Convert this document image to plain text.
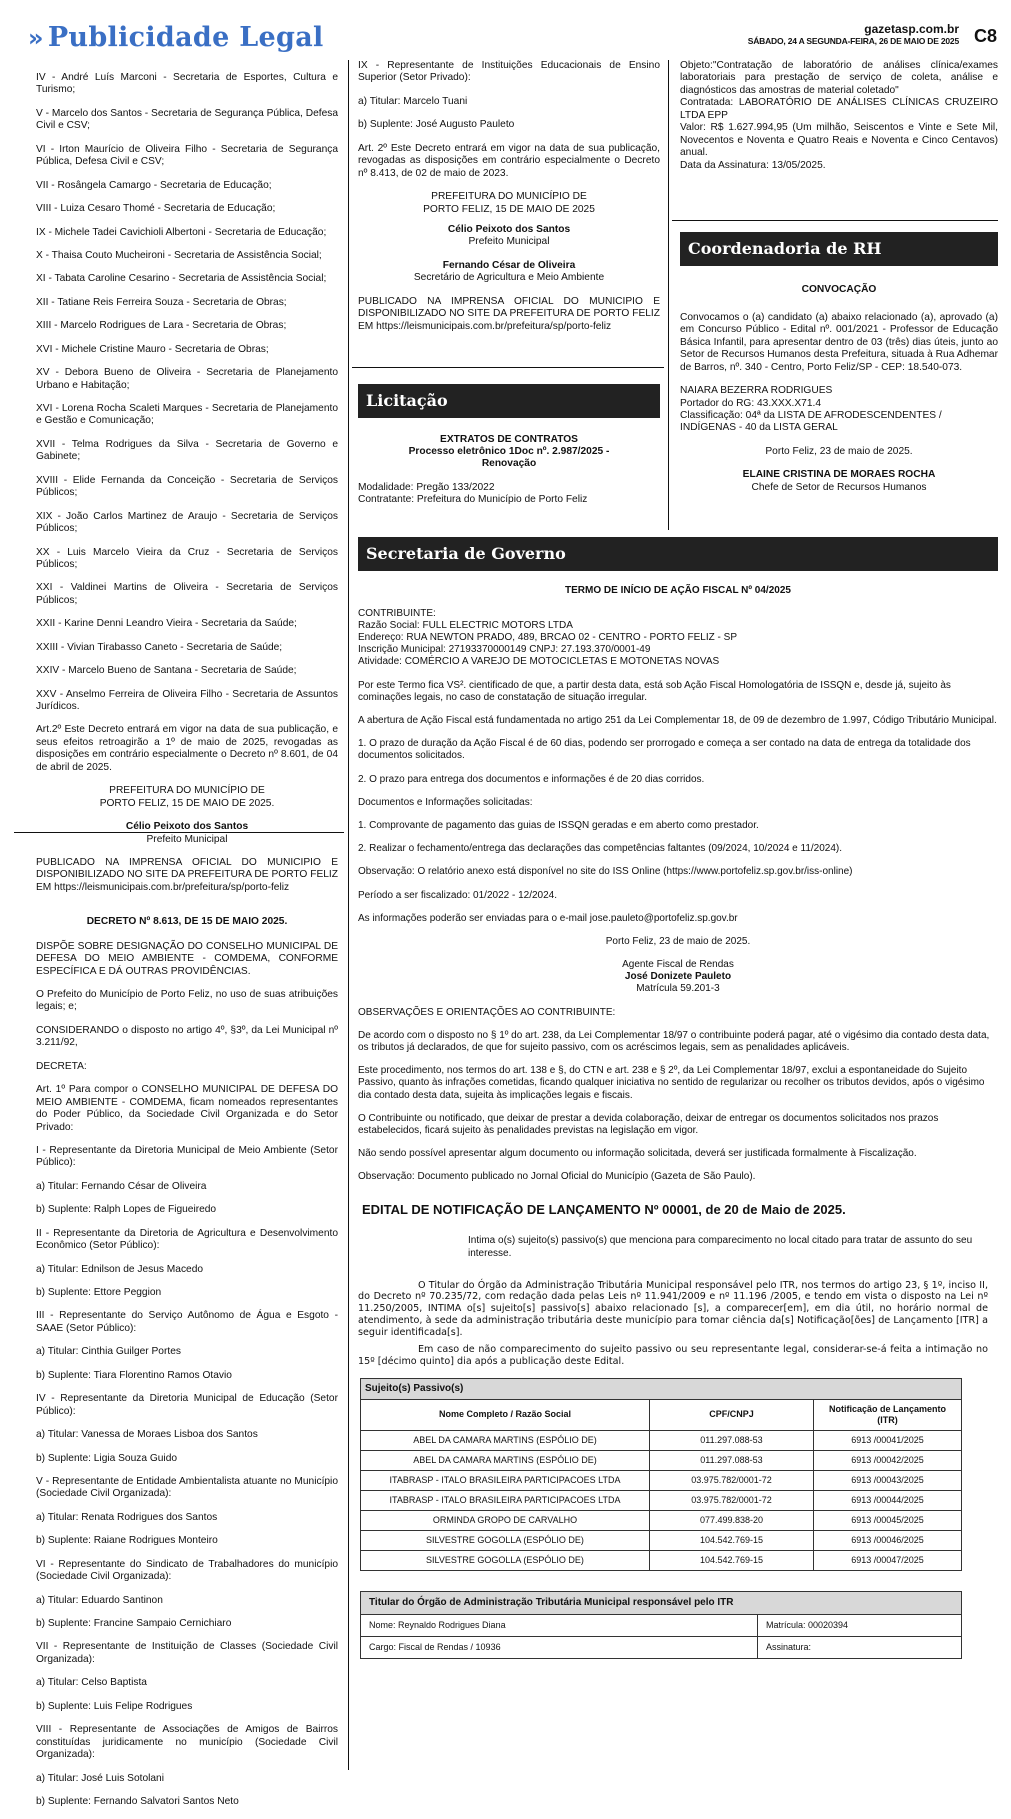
» Publicidade Legal	gazetasp.com.br
SÁBADO, 24 A SEGUNDA-FEIRA, 26 DE MAIO DE 2025 C8

IV - André Luís Marconi - Secretaria de Esportes, Cultura e Turismo;

V - Marcelo dos Santos - Secretaria de Segurança Pública, Defesa Civil e CSV;

VI - Irton Maurício de Oliveira Filho - Secretaria de Segurança Pública, Defesa Civil e CSV;

VII - Rosângela Camargo - Secretaria de Educação;

VIII - Luiza Cesaro Thomé - Secretaria de Educação;

IX - Michele Tadei Cavichioli Albertoni - Secretaria de Educação;

X - Thaisa Couto Mucheironi - Secretaria de Assistência Social;

XI - Tabata Caroline Cesarino - Secretaria de Assistência Social;

XII - Tatiane Reis Ferreira Souza - Secretaria de Obras;

XIII - Marcelo Rodrigues de Lara - Secretaria de Obras;

XVI - Michele Cristine Mauro - Secretaria de Obras;

XV - Debora Bueno de Oliveira - Secretaria de Planejamento Urbano e Habitação;

XVI - Lorena Rocha Scaleti Marques - Secretaria de Planejamento e Gestão e Comunicação;

XVII - Telma Rodrigues da Silva - Secretaria de Governo e Gabinete;

XVIII - Elide Fernanda da Conceição - Secretaria de Serviços Públicos;

XIX - João Carlos Martinez de Araujo - Secretaria de Serviços Públicos;

XX - Luis Marcelo Vieira da Cruz - Secretaria de Serviços Públicos;

XXI - Valdinei Martins de Oliveira - Secretaria de Serviços Públicos;

XXII - Karine Denni Leandro Vieira - Secretaria da Saúde;

XXIII - Vivian Tirabasso Caneto - Secretaria de Saúde;

XXIV - Marcelo Bueno de Santana - Secretaria de Saúde;

XXV - Anselmo Ferreira de Oliveira Filho - Secretaria de Assuntos Jurídicos.

Art.2º Este Decreto entrará em vigor na data de sua publicação, e seus efeitos retroagirão a 1º de maio de 2025, revogadas as disposições em contrário especialmente o Decreto nº 8.601, de 04 de abril de 2025.

PREFEITURA DO MUNICÍPIO DE
PORTO FELIZ, 15 DE MAIO DE 2025.

Célio Peixoto dos Santos

Prefeito Municipal

PUBLICADO NA IMPRENSA OFICIAL DO MUNICIPIO E DISPONIBILIZADO NO SITE DA PREFEITURA DE PORTO FELIZ EM https://leismunicipais.com.br/prefeitura/sp/porto-feliz

DECRETO Nº 8.613, DE 15 DE MAIO 2025.

DISPÕE SOBRE DESIGNAÇÃO DO CONSELHO MUNICIPAL DE DEFESA DO MEIO AMBIENTE - COMDEMA, CONFORME ESPECÍFICA E DÁ OUTRAS PROVIDÊNCIAS.

O Prefeito do Município de Porto Feliz, no uso de suas atribuições legais; e;

CONSIDERANDO o disposto no artigo 4º, §3º, da Lei Municipal nº 3.211/92,

DECRETA:

Art. 1º Para compor o CONSELHO MUNICIPAL DE DEFESA DO MEIO AMBIENTE - COMDEMA, ficam nomeados representantes do Poder Público, da Sociedade Civil Organizada e do Setor Privado:

I - Representante da Diretoria Municipal de Meio Ambiente (Setor Público):

a) Titular: Fernando César de Oliveira

b) Suplente: Ralph Lopes de Figueiredo

II - Representante da Diretoria de Agricultura e Desenvolvimento Econômico (Setor Público):

a) Titular: Ednilson de Jesus Macedo

b) Suplente: Ettore Peggion

III - Representante do Serviço Autônomo de Água e Esgoto - SAAE (Setor Público):

a) Titular: Cinthia Guilger Portes

b) Suplente: Tiara Florentino Ramos Otavio

IV - Representante da Diretoria Municipal de Educação (Setor Público):

a) Titular: Vanessa de Moraes Lisboa dos Santos

b) Suplente: Ligia Souza Guido

V - Representante de Entidade Ambientalista atuante no Município (Sociedade Civil Organizada):

a) Titular: Renata Rodrigues dos Santos

b) Suplente: Raiane Rodrigues Monteiro

VI - Representante do Sindicato de Trabalhadores do município (Sociedade Civil Organizada):

a) Titular: Eduardo Santinon

b) Suplente: Francine Sampaio Cernichiaro

VII - Representante de Instituição de Classes (Sociedade Civil Organizada):

a) Titular: Celso Baptista

b) Suplente: Luis Felipe Rodrigues

VIII - Representante de Associações de Amigos de Bairros constituídas juridicamente no município (Sociedade Civil Organizada):

a) Titular: José Luis Sotolani

b) Suplente: Fernando Salvatori Santos Neto

IX - Representante de Instituições Educacionais de Ensino Superior (Setor Privado):

a) Titular: Marcelo Tuani

b) Suplente: José Augusto Pauleto

Art. 2º Este Decreto entrará em vigor na data de sua publicação, revogadas as disposições em contrário especialmente o Decreto nº 8.413, de 02 de maio de 2023.

PREFEITURA DO MUNICÍPIO DE
PORTO FELIZ, 15 DE MAIO DE 2025

Célio Peixoto dos Santos

Prefeito Municipal

Fernando César de Oliveira

Secretário de Agricultura e Meio Ambiente

PUBLICADO NA IMPRENSA OFICIAL DO MUNICIPIO E DISPONIBILIZADO NO SITE DA PREFEITURA DE PORTO FELIZ EM https://leismunicipais.com.br/prefeitura/sp/porto-feliz

Licitação
EXTRATOS DE CONTRATOS

Processo eletrônico 1Doc nº. 2.987/2025 -
Renovação

Modalidade: Pregão 133/2022
Contratante: Prefeitura do Município de Porto Feliz
Objeto:"Contratação de laboratório de análises clínica/exames laboratoriais para prestação de serviço de coleta, análise e diagnósticos das amostras de material coletado"
Contratada: LABORATÓRIO DE ANÁLISES CLÍNICAS CRUZEIRO LTDA EPP
Valor: R$ 1.627.994,95 (Um milhão, Seiscentos e Vinte e Sete Mil, Novecentos e Noventa e Quatro Reais e Noventa e Cinco Centavos) anual.
Data da Assinatura: 13/05/2025.
Coordenadoria de RH

CONVOCAÇÃO

Convocamos o (a) candidato (a) abaixo relacionado (a), aprovado (a) em Concurso Público - Edital nº. 001/2021 - Professor de Educação Básica Infantil, para apresentar dentro de 03 (três) dias úteis, junto ao Setor de Recursos Humanos desta Prefeitura, situada à Rua Adhemar de Barros, nº. 340 - Centro, Porto Feliz/SP - CEP: 18.540-073.

NAIARA BEZERRA RODRIGUES
Portador do RG: 43.XXX.X71.4

Classificação: 04ª da LISTA DE AFRODESCENDENTES / INDÍGENAS - 40 da LISTA GERAL

Porto Feliz, 23 de maio de 2025.

ELAINE CRISTINA DE MORAES ROCHA
Chefe de Setor de Recursos Humanos
Secretaria de Governo

TERMO DE INÍCIO DE AÇÃO FISCAL Nº 04/2025

CONTRIBUINTE:
Razão Social: FULL ELECTRIC MOTORS LTDA
Endereço: RUA NEWTON PRADO, 489, BRCAO 02 - CENTRO - PORTO FELIZ - SP
Inscrição Municipal: 27193370000149 CNPJ: 27.193.370/0001-49
Atividade: COMÉRCIO A VAREJO DE MOTOCICLETAS E MOTONETAS NOVAS

Por este Termo fica VS². cientificado de que, a partir desta data, está sob Ação Fiscal Homologatória de ISSQN e, desde já, sujeito às cominações legais, no caso de constatação de situação irregular.

A abertura de Ação Fiscal está fundamentada no artigo 251 da Lei Complementar 18, de 09 de dezembro de 1.997, Código Tributário Municipal.

1. O prazo de duração da Ação Fiscal é de 60 dias, podendo ser prorrogado e começa a ser contado na data de entrega da totalidade dos documentos solicitados.

2. O prazo para entrega dos documentos e informações é de 20 dias corridos.

Documentos e Informações solicitadas:

1. Comprovante de pagamento das guias de ISSQN geradas e em aberto como prestador.

2. Realizar o fechamento/entrega das declarações das competências faltantes (09/2024, 10/2024 e 11/2024).

Observação: O relatório anexo está disponível no site do ISS Online (https://www.portofeliz.sp.gov.br/iss-online)

Período a ser fiscalizado: 01/2022 - 12/2024.

As informações poderão ser enviadas para o e-mail jose.pauleto@portofeliz.sp.gov.br

Porto Feliz, 23 de maio de 2025.

Agente Fiscal de Rendas
José Donizete Pauleto

Matrícula 59.201-3

OBSERVAÇÕES E ORIENTAÇÕES AO CONTRIBUINTE:

De acordo com o disposto no § 1º do art. 238, da Lei Complementar 18/97 o contribuinte poderá pagar, até o vigésimo dia contado desta data, os tributos já declarados, de que for sujeito passivo, com os acréscimos legais, sem as penalidades aplicáveis.

Este procedimento, nos termos do art. 138 e §, do CTN e art. 238 e § 2º, da Lei Complementar 18/97, exclui a espontaneidade do Sujeito Passivo, quanto às infrações cometidas, ficando qualquer iniciativa no sentido de regularizar ou recolher os tributos devidos, após o vigésimo dia contado desta data, sujeita às implicações legais e fiscais.

O Contribuinte ou notificado, que deixar de prestar a devida colaboração, deixar de entregar os documentos solicitados nos prazos estabelecidos, ficará sujeito às penalidades previstas na legislação em vigor.

Não sendo possível apresentar algum documento ou informação solicitada, deverá ser justificada formalmente à Fiscalização.

Observação: Documento publicado no Jornal Oficial do Município (Gazeta de São Paulo).

EDITAL DE NOTIFICAÇÃO DE LANÇAMENTO Nº 00001, de 20 de Maio de 2025.
Intima o(s) sujeito(s) passivo(s) que menciona para comparecimento no local citado para tratar de assunto do seu interesse.
O Titular do Órgão da Administração Tributária Municipal responsável pelo ITR, nos termos do artigo 23, § 1º, inciso II, do Decreto nº 70.235/72, com redação dada pelas Leis nº 11.941/2009 e nº 11.196 /2005, e tendo em vista o disposto na Lei nº 11.250/2005, INTIMA o[s] sujeito[s] passivo[s] abaixo relacionado [s], a comparecer[em], em dia útil, no horário normal de atendimento, à sede da administração tributária deste município para tomar ciência da[s] Notificação[ões] de Lançamento [ITR] a seguir identificada[s].
Em caso de não comparecimento do sujeito passivo ou seu representante legal, considerar-se-á feita a intimação no 15º [décimo quinto] dia após a publicação deste Edital.
Sujeito(s) Passivo(s)		
Nome Completo / Razão Social	CPF/CNPJ	Notificação de Lançamento (ITR)
ABEL DA CAMARA MARTINS (ESPÓLIO DE)	011.297.088-53	6913 /00041/2025
ABEL DA CAMARA MARTINS (ESPÓLIO DE)	011.297.088-53	6913 /00042/2025
ITABRASP - ITALO BRASILEIRA PARTICIPACOES LTDA	03.975.782/0001-72	6913 /00043/2025
ITABRASP - ITALO BRASILEIRA PARTICIPACOES LTDA	03.975.782/0001-72	6913 /00044/2025
ORMINDA GROPO DE CARVALHO	077.499.838-20	6913 /00045/2025
SILVESTRE GOGOLLA (ESPÓLIO DE)	104.542.769-15	6913 /00046/2025
SILVESTRE GOGOLLA (ESPÓLIO DE)	104.542.769-15	6913 /00047/2025
Titular do Órgão de Administração Tributária Municipal responsável pelo ITR	
Nome: Reynaldo Rodrigues Diana	Matrícula: 00020394
Cargo: Fiscal de Rendas / 10936	Assinatura:
